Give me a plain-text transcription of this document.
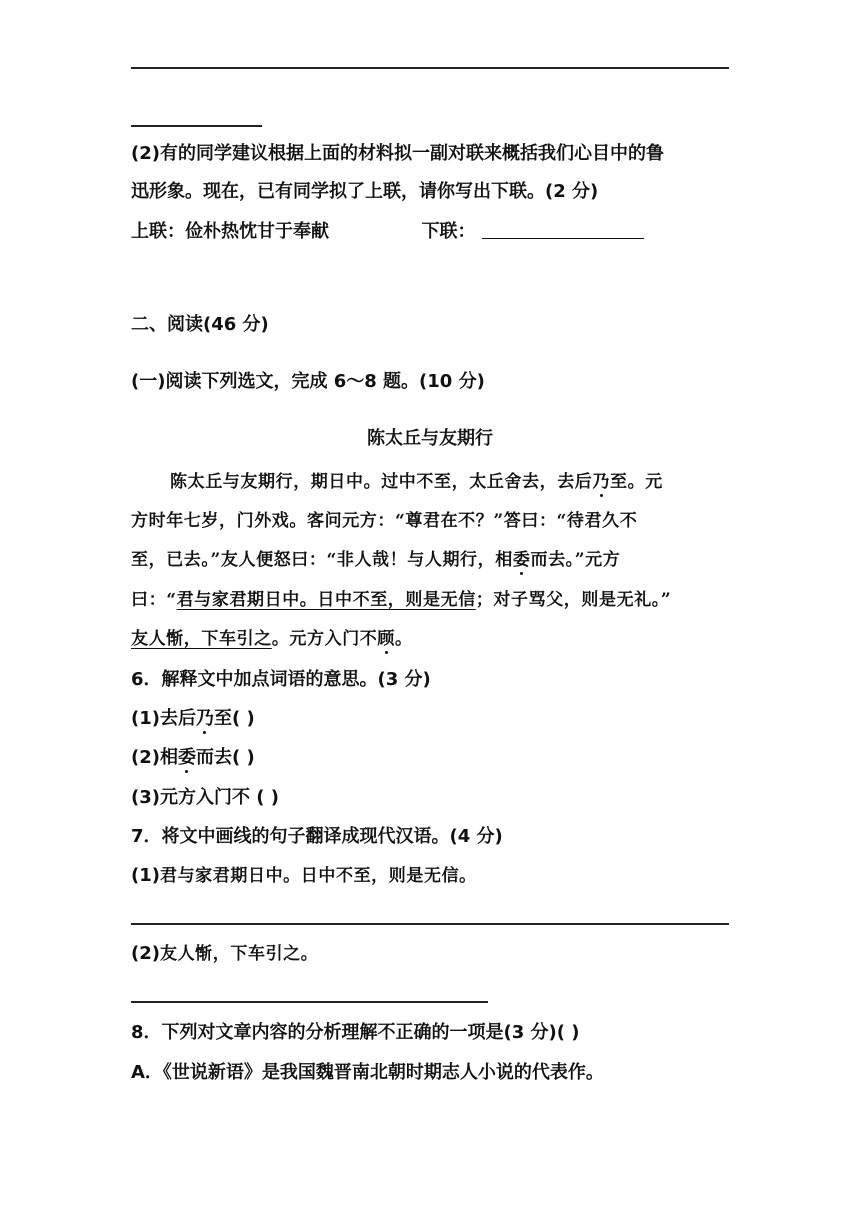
(2)有的同学建议根据上面的材料拟一副对联来概括我们心目中的鲁
迅形象。现在，已有同学拟了上联，请你写出下联。(2 分)
上联：俭朴热忱甘于奉献	下联：
二、阅读(46 分)
(一)阅读下列选文，完成 6～8 题。(10 分)
陈太丘与友期行
陈太丘与友期行，期日中。过中不至，太丘舍去，去后乃至。元
方时年七岁，门外戏。客问元方：“尊君在不？”答曰：“待君久不
至，已去。”友人便怒曰：“非人哉！与人期行，相委而去。”元方
曰：“君与家君期日中。日中不至，则是无信；对子骂父，则是无礼。”
友人惭，下车引之。元方入门不顾。
6．解释文中加点词语的意思。(3 分)
(1)去后乃至( )
(2)相委而去( )
(3)元方入门不 ( )
7．将文中画线的句子翻译成现代汉语。(4 分)
(1)君与家君期日中。日中不至，则是无信。
(2)友人惭，下车引之。
8．下列对文章内容的分析理解不正确的一项是(3 分)( )
A．《世说新语》是我国魏晋南北朝时期志人小说的代表作。
